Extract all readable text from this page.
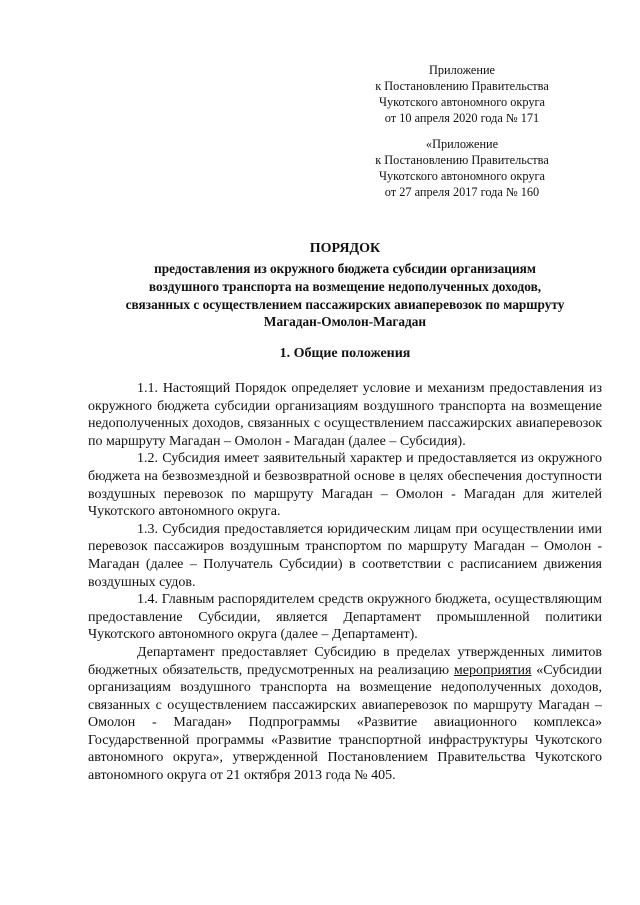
Приложение
к Постановлению Правительства
Чукотского автономного округа
от 10 апреля 2020 года № 171
«Приложение
к Постановлению Правительства
Чукотского автономного округа
от 27 апреля 2017 года № 160
ПОРЯДОК
предоставления из окружного бюджета субсидии организациям
воздушного транспорта на возмещение недополученных доходов,
связанных с осуществлением пассажирских авиаперевозок по маршруту
Магадан-Омолон-Магадан
1. Общие положения

1.1. Настоящий Порядок определяет условие и механизм предоставления из окружного бюджета субсидии организациям воздушного транспорта на возмещение недополученных доходов, связанных с осуществлением пассажирских авиаперевозок по маршруту Магадан – Омолон - Магадан (далее – Субсидия).

1.2. Субсидия имеет заявительный характер и предоставляется из окружного бюджета на безвозмездной и безвозвратной основе в целях обеспечения доступности воздушных перевозок по маршруту Магадан – Омолон - Магадан для жителей Чукотского автономного округа.

1.3. Субсидия предоставляется юридическим лицам при осуществлении ими перевозок пассажиров воздушным транспортом по маршруту Магадан – Омолон - Магадан (далее – Получатель Субсидии) в соответствии с расписанием движения воздушных судов.

1.4. Главным распорядителем средств окружного бюджета, осуществляющим предоставление Субсидии, является Департамент промышленной политики Чукотского автономного округа (далее – Департамент).

Департамент предоставляет Субсидию в пределах утвержденных лимитов бюджетных обязательств, предусмотренных на реализацию мероприятия «Субсидии организациям воздушного транспорта на возмещение недополученных доходов, связанных с осуществлением пассажирских авиаперевозок по маршруту Магадан – Омолон - Магадан» Подпрограммы «Развитие авиационного комплекса» Государственной программы «Развитие транспортной инфраструктуры Чукотского автономного округа», утвержденной Постановлением Правительства Чукотского автономного округа от 21 октября 2013 года № 405.
